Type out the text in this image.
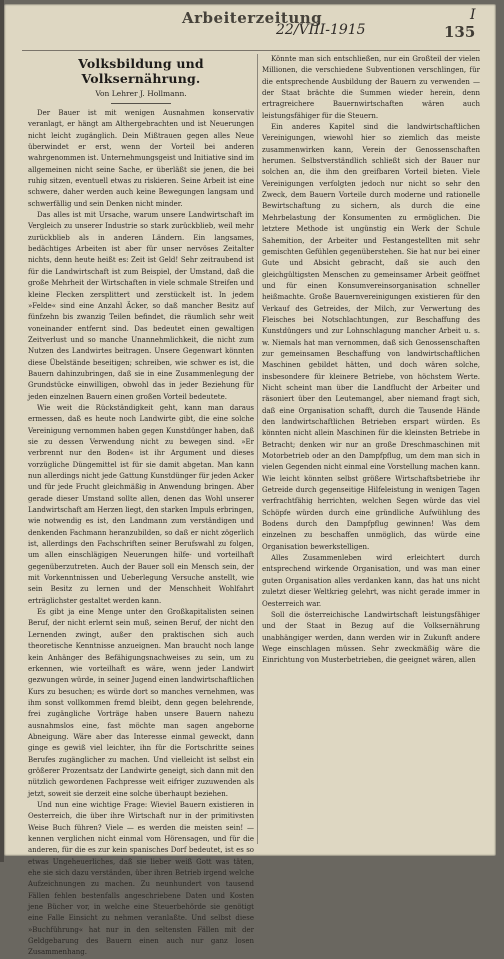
Arbeiterzeitung
22/VIII-1915	135
I
Volksbildung und Volksernährung.
Von Lehrer J. Hollmann.

Der Bauer ist mit wenigen Ausnahmen konservativ veranlagt, er hängt am Althergebrachten und ist Neuerungen nicht leicht zugänglich. Dein Mißtrauen gegen alles Neue überwindet er erst, wenn der Vorteil bei anderen wahrgenommen ist. Unternehmungsgeist und Initiative sind im allgemeinen nicht seine Sache, er überläßt sie jenen, die bei ruhig sitzen, eventuell etwas zu riskieren. Seine Arbeit ist eine schwere, daher werden auch keine Bewegungen langsam und schwerfällig und sein Denken nicht minder.

Das alles ist mit Ursache, warum unsere Landwirtschaft im Vergleich zu unserer Industrie so stark zurückblieb, weil mehr zurückblieb als in anderen Ländern. Ein langsames, bedächtiges Arbeiten ist aber für unser nervöses Zeitalter nichts, denn heute heißt es: Zeit ist Geld! Sehr zeitraubend ist für die Landwirtschaft ist zum Beispiel, der Umstand, daß die große Mehrheit der Wirtschaften in viele schmale Streifen und kleine Flecken zersplittert und zerstückelt ist. In jedem »Felde« sind eine Anzahl Äcker, so daß mancher Besitz auf fünfzehn bis zwanzig Teilen befindet, die räumlich sehr weit voneinander entfernt sind. Das bedeutet einen gewaltigen Zeitverlust und so manche Unannehmlichkeit, die nicht zum Nutzen des Landwirtes beitragen. Unsere Gegenwart könnten diese Übelstände beseitigen; schreiben, wie schwer es ist, die Bauern dahinzubringen, daß sie in eine Zusammenlegung der Grundstücke einwilligen, obwohl das in jeder Beziehung für jeden einzelnen Bauern einen großen Vorteil bedeutete.

Wie weit die Rückständigkeit geht, kann man daraus ermessen, daß es heute noch Landwirte gibt, die eine solche Vereinigung vernommen haben gegen Kunstdünger haben, daß sie zu dessen Verwendung nicht zu bewegen sind. »Er verbrennt nur den Boden« ist ihr Argument und dieses vorzügliche Düngemittel ist für sie damit abgetan. Man kann nun allerdings nicht jede Gattung Kunstdünger für jeden Acker und für jede Frucht gleichmäßig in Anwendung bringen. Aber gerade dieser Umstand sollte allen, denen das Wohl unserer Landwirtschaft am Herzen liegt, den starken Impuls erbringen, wie notwendig es ist, den Landmann zum verständigen und denkenden Fachmann heranzubilden, so daß er nicht zögerlich ist, allerdings den Fachschriften seiner Berufswahl zu folgen, um allen einschlägigen Neuerungen hilfe- und vorteilhaft gegenüberzutreten. Auch der Bauer soll ein Mensch sein, der mit Vorkenntnissen und Ueberlegung Versuche anstellt, wie sein Besitz zu lernen und der Menschheit Wohlfahrt erträglichster gestaltet werden kann.

Es gibt ja eine Menge unter den Großkapitalisten seinen Beruf, der nicht erlernt sein muß, seinen Beruf, der nicht den Lernenden zwingt, außer den praktischen sich auch theoretische Kenntnisse anzueignen. Man braucht noch lange kein Anhänger des Befähigungsnachweises zu sein, um zu erkennen, wie vorteilhaft es wäre, wenn jeder Landwirt gezwungen würde, in seiner Jugend einen landwirtschaftlichen Kurs zu besuchen; es würde dort so manches vernehmen, was ihm sonst vollkommen fremd bleibt, denn gegen belehrende, frei zugängliche Vorträge haben unsere Bauern nahezu ausnahmslos eine, fast möchte man sagen angeborne Abneigung. Wäre aber das Interesse einmal geweckt, dann ginge es gewiß viel leichter, ihn für die Fortschritte seines Berufes zugänglicher zu machen. Und vielleicht ist selbst ein größerer Prozentsatz der Landwirte geneigt, sich dann mit den nützlich gewordenen Fachpresse weit eifriger zuzuwenden als jetzt, soweit sie derzeit eine solche überhaupt beziehen.

Und nun eine wichtige Frage: Wieviel Bauern existieren in Oesterreich, die über ihre Wirtschaft nur in der primitivsten Weise Buch führen? Viele — es werden die meisten sein! — kennen verglichen nicht einmal vom Hörensagen, und für die anderen, für die es zur kein spanisches Dorf bedeutet, ist es so etwas Ungeheuerliches, daß sie lieber weiß Gott was täten, ehe sie sich dazu verständen, über ihren Betrieb irgend welche Aufzeichnungen zu machen. Zu neunhundert von tausend Fällen fehlen bestenfalls angeschriebene Daten und Kosten jene Bücher vor, in welche eine Steuerbehörde sie genötigt eine Falle Einsicht zu nehmen veranlaßte. Und selbst diese »Buchführung« hat nur in den seltensten Fällen mit der Geldgebarung des Bauern einen auch nur ganz losen Zusammenhang.

Könnte man sich entschließen, nur ein Großteil der vielen Millionen, die verschiedene Subventionen verschlingen, für die entsprechende Ausbildung der Bauern zu verwenden — der Staat brächte die Summen wieder herein, denn ertragreichere Bauernwirtschaften wären auch leistungsfähiger für die Steuern.

Ein anderes Kapitel sind die landwirtschaftlichen Vereinigungen, wiewohl hier so ziemlich das meiste zusammenwirken kann, Verein der Genossenschaften herumen. Selbstverständlich schließt sich der Bauer nur solchen an, die ihm den greifbaren Vorteil bieten. Viele Vereinigungen verfolgten jedoch nur nicht so sehr den Zweck, dem Bauern Vorteile durch moderne und rationelle Bewirtschaftung zu sichern, als durch die eine Mehrbelastung der Konsumenten zu ermöglichen. Die letztere Methode ist ungünstig ein Werk der Schule Sahemition, der Arbeiter und Festangestellten mit sehr gemischten Gefühlen gegenüberstehen. Sie hat nur bei einer Gute und Absicht gebracht, daß sie auch den gleichgültigsten Menschen zu gemeinsamer Arbeit geöffnet und für einen Konsumvereinsorganisation schneller heißmachte. Große Bauernvereinigungen existieren für den Verkauf des Getreides, der Milch, zur Verwertung des Fleisches bei Notschlachtungen, zur Beschaffung des Kunstdüngers und zur Lohnschlagung mancher Arbeit u. s. w. Niemals hat man vernommen, daß sich Genossenschaften zur gemeinsamen Beschaffung von landwirtschaftlichen Maschinen gebildet hätten, und doch wären solche, insbesondere für kleinere Betriebe, von höchstem Werte. Nicht scheint man über die Landflucht der Arbeiter und räsoniert über den Leutemangel, aber niemand fragt sich, daß eine Organisation schafft, durch die Tausende Hände den landwirtschaftlichen Betrieben erspart würden. Es könnten nicht allein Maschinen für die kleinsten Betriebe in Betracht; denken wir nur an große Dreschmaschinen mit Motorbetrieb oder an den Dampfpflug, um dem man sich in vielen Gegenden nicht einmal eine Vorstellung machen kann. Wie leicht könnten selbst größere Wirtschaftsbetriebe ihr Getreide durch gegenseitige Hilfeleistung in wenigen Tagen verfrachtfähig herrichten, welchen Segen würde das viel Schöpfe würden durch eine gründliche Aufwühlung des Bodens durch den Dampfpflug gewinnen! Was dem einzelnen zu beschaffen unmöglich, das würde eine Organisation bewerkstelligen.

Alles Zusammenleben wird erleichtert durch entsprechend wirkende Organisation, und was man einer guten Organisation alles verdanken kann, das hat uns nicht zuletzt dieser Weltkrieg gelehrt, was nicht gerade immer in Oesterreich war.

Soll die österreichische Landwirtschaft leistungsfähiger und der Staat in Bezug auf die Volksernährung unabhängiger werden, dann werden wir in Zukunft andere Wege einschlagen müssen. Sehr zweckmäßig wäre die Einrichtung von Musterbetrieben, die geeignet wären, allen
